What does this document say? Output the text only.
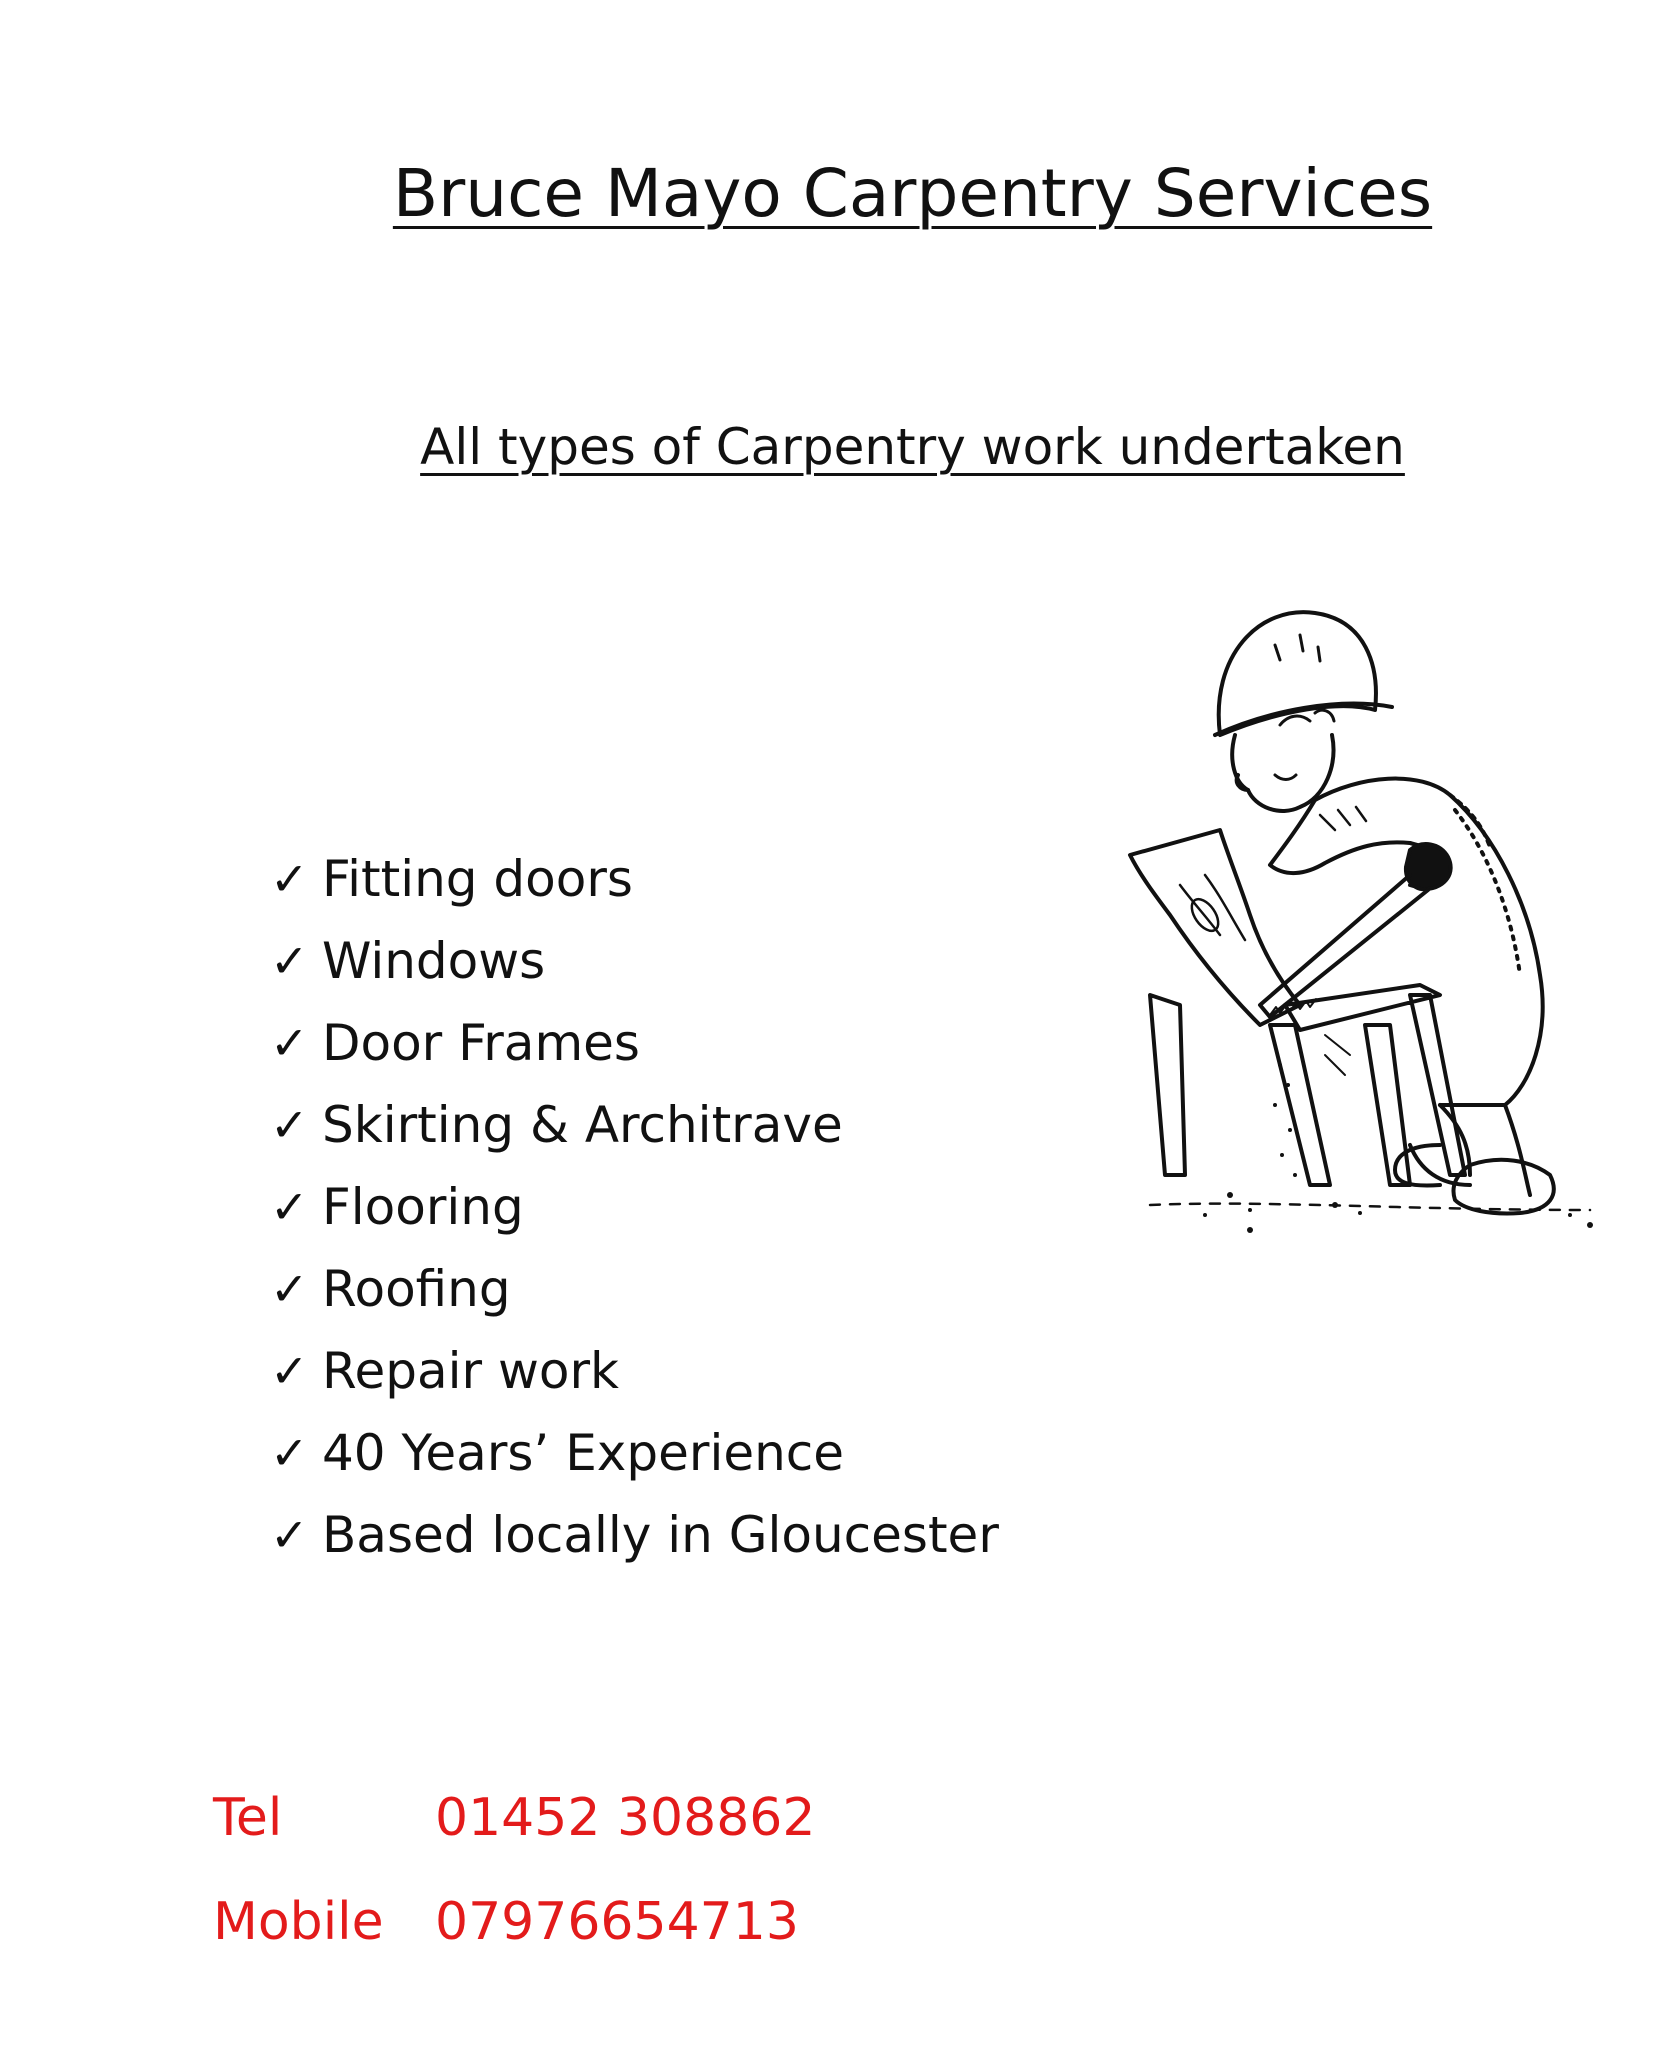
Bruce Mayo Carpentry Services
All types of Carpentry work undertaken
✓ Fitting doors
✓ Windows
✓ Door Frames
✓ Skirting & Architrave
✓ Flooring
✓ Roofing
✓ Repair work
✓ 40 Years’ Experience
✓ Based locally in Gloucester
Tel	01452 308862
Mobile 07976654713
